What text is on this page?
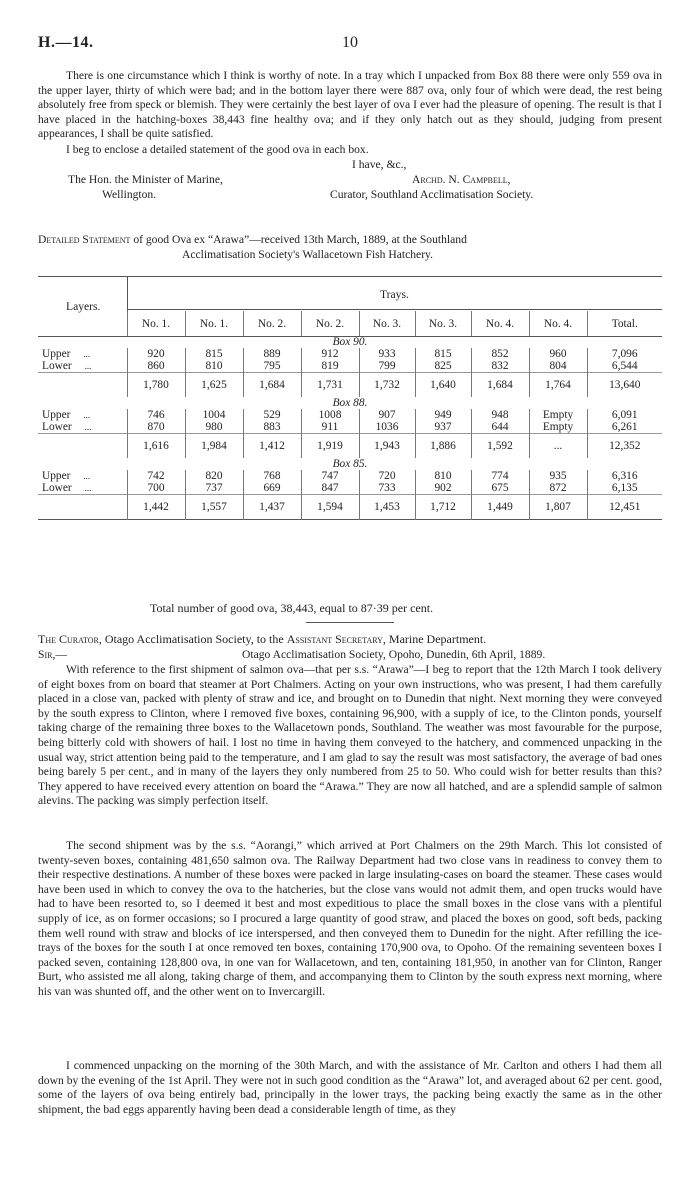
H.—14.	10

There is one circumstance which I think is worthy of note. In a tray which I unpacked from Box 88 there were only 559 ova in the upper layer, thirty of which were bad; and in the bottom layer there were 887 ova, only four of which were dead, the rest being absolutely free from speck or blemish. They were certainly the best layer of ova I ever had the pleasure of opening. The result is that I have placed in the hatching-boxes 38,443 fine healthy ova; and if they only hatch out as they should, judging from present appearances, I shall be quite satisfied.

I beg to enclose a detailed statement of the good ova in each box.

I have, &c.,
The Hon. the Minister of Marine,	Archd. N. Campbell,
Wellington.	Curator, Southland Acclimatisation Society.
Detailed Statement of good Ova ex “Arawa”—received 13th March, 1889, at the Southland
Acclimatisation Society's Wallacetown Fish Hatchery.
Layers.
Trays.
	No. 1.	No. 1.	No. 2.	No. 2.	No. 3.	No. 3.	No. 4.	No. 4.	Total.
Box 90.									
Upper ...	920	815	889	912	933	815	852	960	7,096
Lower ...	860	810	795	819	799	825	832	804	6,544
	1,780	1,625	1,684	1,731	1,732	1,640	1,684	1,764	13,640
Box 88.									
Upper ...	746	1004	529	1008	907	949	948	Empty	6,091
Lower ...	870	980	883	911	1036	937	644	Empty	6,261
	1,616	1,984	1,412	1,919	1,943	1,886	1,592	...	12,352
Box 85.									
Upper ...	742	820	768	747	720	810	774	935	6,316
Lower ...	700	737	669	847	733	902	675	872	6,135
	1,442	1,557	1,437	1,594	1,453	1,712	1,449	1,807	12,451
Total number of good ova, 38,443, equal to 87·39 per cent.
The Curator, Otago Acclimatisation Society, to the Assistant Secretary, Marine Department.
Sir,—	Otago Acclimatisation Society, Opoho, Dunedin, 6th April, 1889.

With reference to the first shipment of salmon ova—that per s.s. “Arawa”—I beg to report that the 12th March I took delivery of eight boxes from on board that steamer at Port Chalmers. Acting on your own instructions, who was present, I had them carefully placed in a close van, packed with plenty of straw and ice, and brought on to Dunedin that night. Next morning they were conveyed by the south express to Clinton, where I removed five boxes, containing 96,900, with a supply of ice, to the Clinton ponds, yourself taking charge of the remaining three boxes to the Wallacetown ponds, Southland. The weather was most favourable for the purpose, being bitterly cold with showers of hail. I lost no time in having them conveyed to the hatchery, and commenced unpacking in the usual way, strict attention being paid to the temperature, and I am glad to say the result was most satisfactory, the average of bad ones being barely 5 per cent., and in many of the layers they only numbered from 25 to 50. Who could wish for better results than this? They appered to have received every attention on board the “Arawa.” They are now all hatched, and are a splendid sample of salmon alevins. The packing was simply perfection itself.

The second shipment was by the s.s. “Aorangi,” which arrived at Port Chalmers on the 29th March. This lot consisted of twenty-seven boxes, containing 481,650 salmon ova. The Railway Department had two close vans in readiness to convey them to their respective destinations. A number of these boxes were packed in large insulating-cases on board the steamer. These cases would have been used in which to convey the ova to the hatcheries, but the close vans would not admit them, and open trucks would have had to have been resorted to, so I deemed it best and most expeditious to place the small boxes in the close vans with a plentiful supply of ice, as on former occasions; so I procured a large quantity of good straw, and placed the boxes on good, soft beds, packing them well round with straw and blocks of ice interspersed, and then conveyed them to Dunedin for the night. After refilling the ice-trays of the boxes for the south I at once removed ten boxes, containing 170,900 ova, to Opoho. Of the remaining seventeen boxes I packed seven, containing 128,800 ova, in one van for Wallacetown, and ten, containing 181,950, in another van for Clinton, Ranger Burt, who assisted me all along, taking charge of them, and accompanying them to Clinton by the south express next morning, where his van was shunted off, and the other went on to Invercargill.

I commenced unpacking on the morning of the 30th March, and with the assistance of Mr. Carlton and others I had them all down by the evening of the 1st April. They were not in such good condition as the “Arawa” lot, and averaged about 62 per cent. good, some of the layers of ova being entirely bad, principally in the lower trays, the packing being exactly the same as in the other shipment, the bad eggs apparently having been dead a considerable length of time, as they
